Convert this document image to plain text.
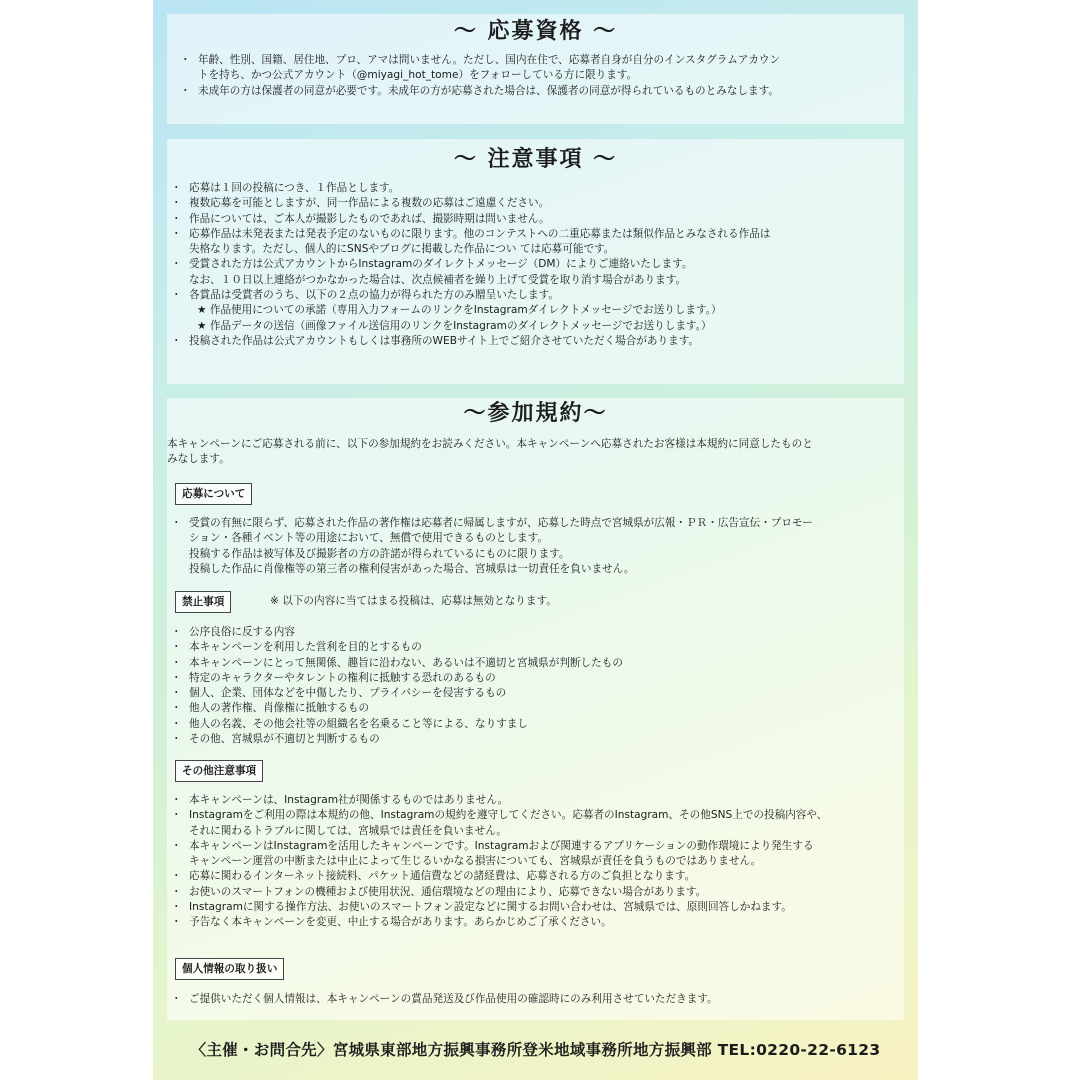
〜 応募資格 〜
・ 年齢、性別、国籍、居住地、プロ、アマは問いません。ただし、国内在住で、応募者自身が自分のインスタグラムアカウン
トを持ち、かつ公式アカウント（@miyagi_hot_tome）をフォローしている方に限ります。
・ 未成年の方は保護者の同意が必要です。未成年の方が応募された場合は、保護者の同意が得られているものとみなします。
〜 注意事項 〜
・ 応募は１回の投稿につき、１作品とします。
・ 複数応募を可能としますが、同一作品による複数の応募はご遠慮ください。
・ 作品については、ご本人が撮影したものであれば、撮影時期は問いません。
・ 応募作品は未発表または発表予定のないものに限ります。他のコンテストへの二重応募または類似作品とみなされる作品は
失格なります。ただし、個人的にSNSやブログに掲載した作品につい ては応募可能です。
・ 受賞された方は公式アカウントからInstagramのダイレクトメッセージ（DM）によりご連絡いたします。
なお、１０日以上連絡がつかなかった場合は、次点候補者を繰り上げて受賞を取り消す場合があります。
・ 各賞品は受賞者のうち、以下の２点の協力が得られた方のみ贈呈いたします。
★ 作品使用についての承諾（専用入力フォームのリンクをInstagramダイレクトメッセージでお送りします。）
★ 作品データの送信（画像ファイル送信用のリンクをInstagramのダイレクトメッセージでお送りします。）
・ 投稿された作品は公式アカウントもしくは事務所のWEBサイト上でご紹介させていただく場合があります。
〜参加規約〜
本キャンペーンにご応募される前に、以下の参加規約をお読みください。本キャンペーンへ応募されたお客様は本規約に同意したものと
みなします。
応募について
・ 受賞の有無に限らず、応募された作品の著作権は応募者に帰属しますが、応募した時点で宮城県が広報・ＰＲ・広告宣伝・プロモー
ション・各種イベント等の用途において、無償で使用できるものとします。
投稿する作品は被写体及び撮影者の方の許諾が得られているにものに限ります。
投稿した作品に肖像権等の第三者の権利侵害があった場合、宮城県は一切責任を負いません。
禁止事項	※ 以下の内容に当てはまる投稿は、応募は無効となります。
・ 公序良俗に反する内容
・ 本キャンペーンを利用した営利を目的とするもの
・ 本キャンペーンにとって無関係、趣旨に沿わない、あるいは不適切と宮城県が判断したもの
・ 特定のキャラクターやタレントの権利に抵触する恐れのあるもの
・ 個人、企業、団体などを中傷したり、プライバシーを侵害するもの
・ 他人の著作権、肖像権に抵触するもの
・ 他人の名義、その他会社等の組織名を名乗ること等による、なりすまし
・ その他、宮城県が不適切と判断するもの
その他注意事項
・ 本キャンペーンは、Instagram社が関係するものではありません。
・ Instagramをご利用の際は本規約の他、Instagramの規約を遵守してください。応募者のInstagram、その他SNS上での投稿内容や、
それに関わるトラブルに関しては、宮城県では責任を負いません。
・ 本キャンペーンはInstagramを活用したキャンペーンです。Instagramおよび関連するアプリケーションの動作環境により発生する
キャンペーン運営の中断または中止によって生じるいかなる損害についても、宮城県が責任を負うものではありません。
・ 応募に関わるインターネット接続料、パケット通信費などの諸経費は、応募される方のご負担となります。
・ お使いのスマートフォンの機種および使用状況、通信環境などの理由により、応募できない場合があります。
・ Instagramに関する操作方法、お使いのスマートフォン設定などに関するお問い合わせは、宮城県では、原則回答しかねます。
・ 予告なく本キャンペーンを変更、中止する場合があります。あらかじめご了承ください。
個人情報の取り扱い
・ ご提供いただく個人情報は、本キャンペーンの賞品発送及び作品使用の確認時にのみ利用させていただきます。
〈主催・お問合先〉宮城県東部地方振興事務所登米地域事務所地方振興部 TEL:0220-22-6123
